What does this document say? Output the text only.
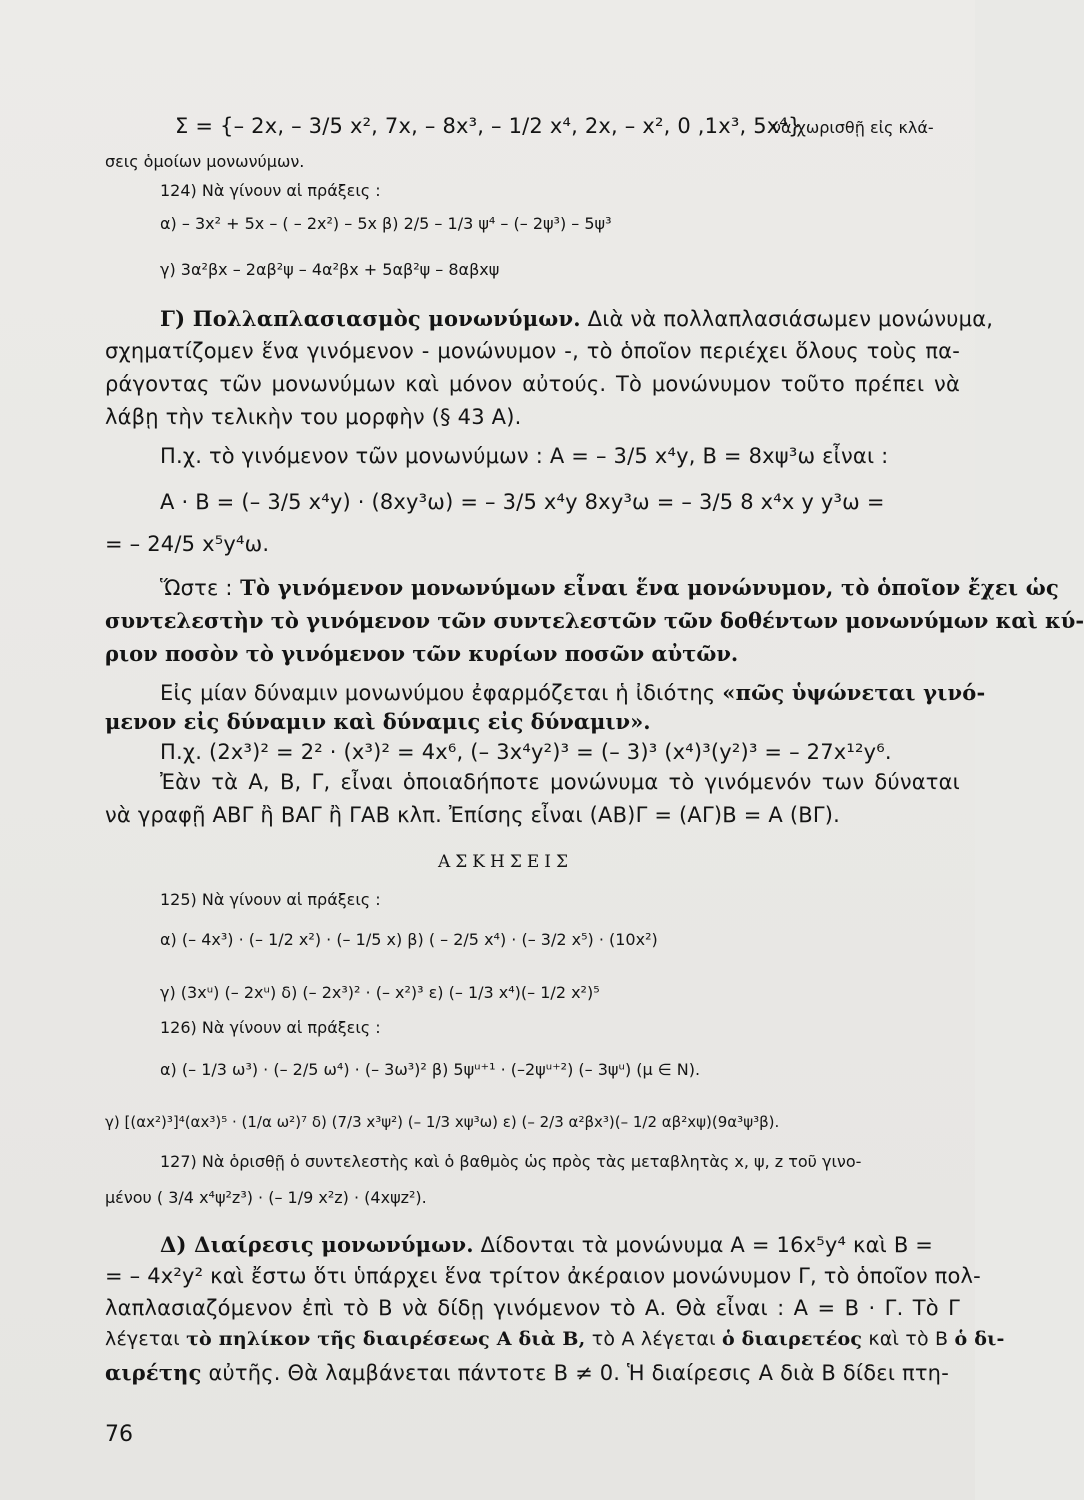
Σ = {– 2x, – 3/5 x², 7x, – 8x³, – 1/2 x⁴, 2x, – x², 0 ,1x³, 5x⁴}
νὰ χωρισθῇ εἰς κλά-
σεις ὁμοίων μονωνύμων.
124) Νὰ γίνουν αἱ πράξεις :
α) – 3x² + 5x – ( – 2x²) – 5x β) 2/5 – 1/3 ψ⁴ – (– 2ψ³) – 5ψ³
γ) 3α²βx – 2αβ²ψ – 4α²βx + 5αβ²ψ – 8αβxψ
Γ) Πολλαπλασιασμὸς μονωνύμων. Διὰ νὰ πολλαπλασιάσωμεν μονώνυμα,
σχηματίζομεν ἕνα γινόμενον - μονώνυμον -, τὸ ὁποῖον περιέχει ὅλους τοὺς πα-
ράγοντας τῶν μονωνύμων καὶ μόνον αὐτούς. Τὸ μονώνυμον τοῦτο πρέπει νὰ
λάβῃ τὴν τελικὴν του μορφὴν (§ 43 Α).
Π.χ. τὸ γινόμενον τῶν μονωνύμων : Α = – 3/5 x⁴y, Β = 8xψ³ω εἶναι :
Α · Β = (– 3/5 x⁴y) · (8xy³ω) = – 3/5 x⁴y 8xy³ω = – 3/5 8 x⁴x y y³ω =
= – 24/5 x⁵y⁴ω.
Ὥστε : Τὸ γινόμενον μονωνύμων εἶναι ἕνα μονώνυμον, τὸ ὁποῖον ἔχει ὡς
συντελεστὴν τὸ γινόμενον τῶν συντελεστῶν τῶν δοθέντων μονωνύμων καὶ κύ-
ριον ποσὸν τὸ γινόμενον τῶν κυρίων ποσῶν αὐτῶν.
Εἰς μίαν δύναμιν μονωνύμου ἐφαρμόζεται ἡ ἰδιότης «πῶς ὑψώνεται γινό-
μενον εἰς δύναμιν καὶ δύναμις εἰς δύναμιν».
Π.χ. (2x³)² = 2² · (x³)² = 4x⁶, (– 3x⁴y²)³ = (– 3)³ (x⁴)³(y²)³ = – 27x¹²y⁶.
Ἐὰν τὰ Α, Β, Γ, εἶναι ὁποιαδήποτε μονώνυμα τὸ γινόμενόν των δύναται
νὰ γραφῇ ΑΒΓ ἢ ΒΑΓ ἢ ΓΑΒ κλπ. Ἐπίσης εἶναι (ΑΒ)Γ = (ΑΓ)Β = Α (ΒΓ).
ΑΣΚΗΣΕΙΣ
125) Νὰ γίνουν αἱ πράξεις :
α) (– 4x³) · (– 1/2 x²) · (– 1/5 x) β) ( – 2/5 x⁴) · (– 3/2 x⁵) · (10x²)
γ) (3xᵘ) (– 2xᵘ) δ) (– 2x³)² · (– x²)³ ε) (– 1/3 x⁴)(– 1/2 x²)⁵
126) Νὰ γίνουν αἱ πράξεις :
α) (– 1/3 ω³) · (– 2/5 ω⁴) · (– 3ω³)² β) 5ψᵘ⁺¹ · (–2ψᵘ⁺²) (– 3ψᵘ) (μ ∈ Ν).
γ) [(αx²)³]⁴(αx³)⁵ · (1/α ω²)⁷ δ) (7/3 x³ψ²) (– 1/3 xψ³ω) ε) (– 2/3 α²βx³)(– 1/2 αβ²xψ)(9α³ψ³β).
127) Νὰ ὁρισθῇ ὁ συντελεστὴς καὶ ὁ βαθμὸς ὡς πρὸς τὰς μεταβλητὰς x, ψ, z τοῦ γινο-
μένου ( 3/4 x⁴ψ²z³) · (– 1/9 x²z) · (4xψz²).
Δ) Διαίρεσις μονωνύμων. Δίδονται τὰ μονώνυμα Α = 16x⁵y⁴ καὶ Β =
= – 4x²y² καὶ ἔστω ὅτι ὑπάρχει ἕνα τρίτον ἀκέραιον μονώνυμον Γ, τὸ ὁποῖον πολ-
λαπλασιαζόμενον ἐπὶ τὸ Β νὰ δίδῃ γινόμενον τὸ Α. Θὰ εἶναι : Α = Β · Γ. Τὸ Γ
λέγεται τὸ πηλίκον τῆς διαιρέσεως Α διὰ Β, τὸ Α λέγεται ὁ διαιρετέος καὶ τὸ Β ὁ δι-
αιρέτης αὐτῆς. Θὰ λαμβάνεται πάντοτε Β ≠ 0. Ἡ διαίρεσις Α διὰ Β δίδει πτη-
76
